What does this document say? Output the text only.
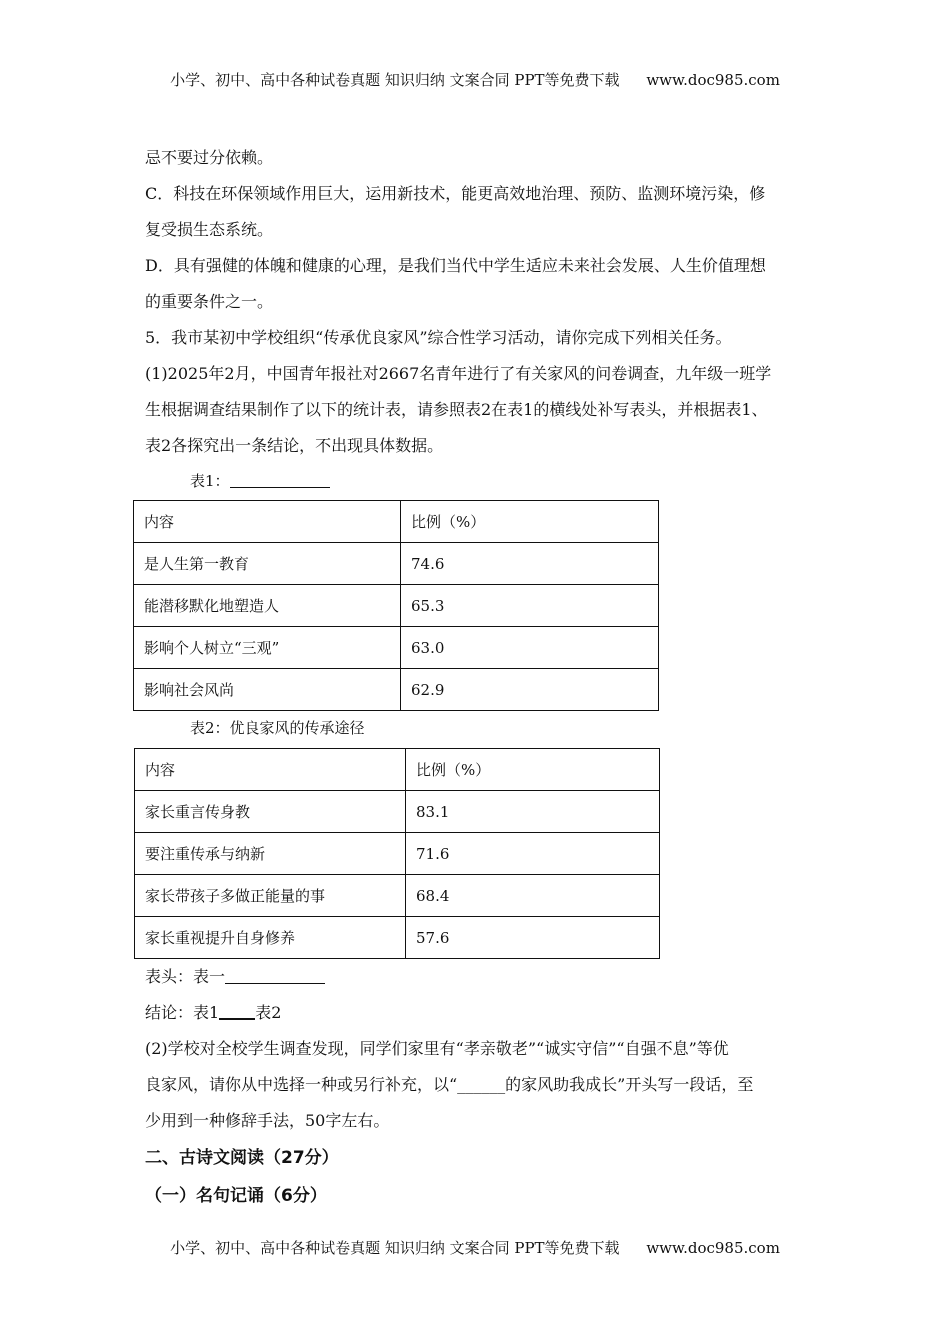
小学、初中、高中各种试卷真题 知识归纳 文案合同 PPT等免费下载 www.doc985.com
忌不要过分依赖。
C．科技在环保领域作用巨大，运用新技术，能更高效地治理、预防、监测环境污染，修
复受损生态系统。
D．具有强健的体魄和健康的心理，是我们当代中学生适应未来社会发展、人生价值理想
的重要条件之一。
5．我市某初中学校组织“传承优良家风”综合性学习活动，请你完成下列相关任务。
(1)2025年2月，中国青年报社对2667名青年进行了有关家风的问卷调查，九年级一班学
生根据调查结果制作了以下的统计表，请参照表2在表1的横线处补写表头，并根据表1、
表2各探究出一条结论，不出现具体数据。
表1：
内容	比例（%）
是人生第一教育	74.6
能潜移默化地塑造人	65.3
影响个人树立“三观”	63.0
影响社会风尚	62.9
表2：优良家风的传承途径
内容	比例（%）
家长重言传身教	83.1
要注重传承与纳新	71.6
家长带孩子多做正能量的事	68.4
家长重视提升自身修养	57.6
表头：表一
结论：表1 表2
(2)学校对全校学生调查发现，同学们家里有“孝亲敬老”“诚实守信”“自强不息”等优
良家风，请你从中选择一种或另行补充，以“______的家风助我成长”开头写一段话，至
少用到一种修辞手法，50字左右。
二、古诗文阅读（27分）
（一）名句记诵（6分）
小学、初中、高中各种试卷真题 知识归纳 文案合同 PPT等免费下载 www.doc985.com
